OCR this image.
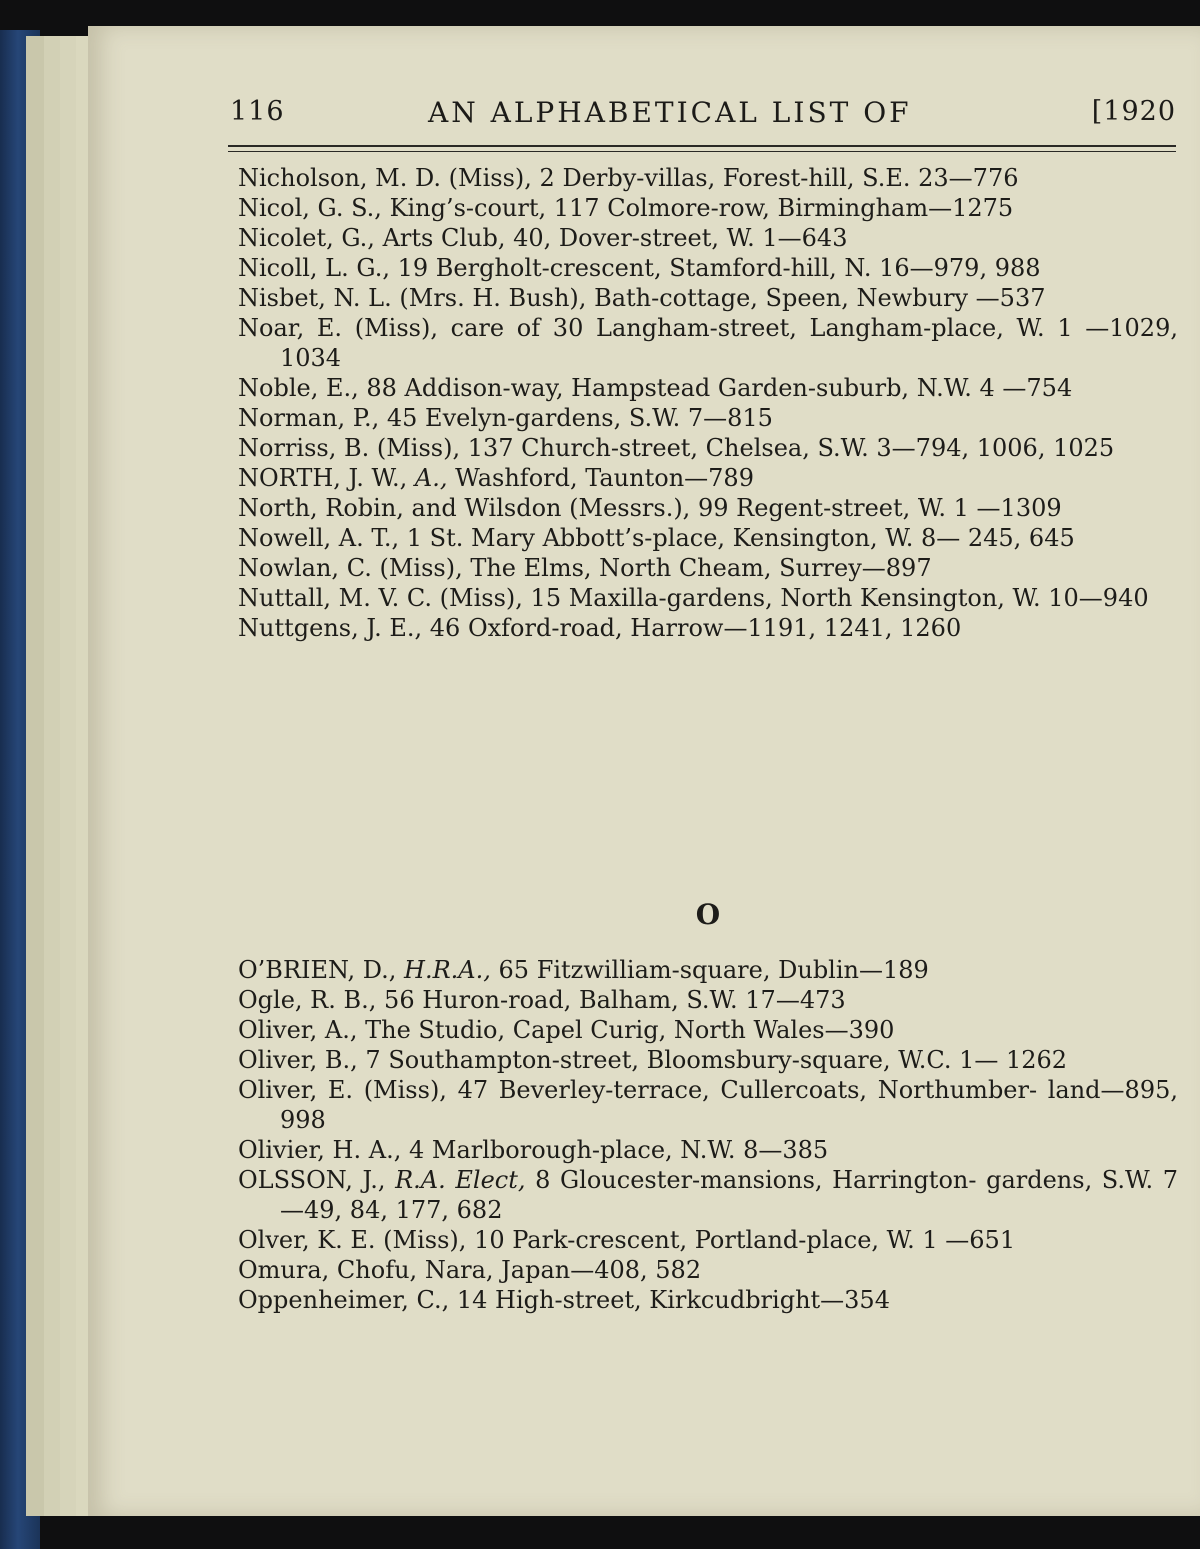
116	AN ALPHABETICAL LIST OF	[1920

Nicholson, M. D. (Miss), 2 Derby-villas, Forest-hill, S.E. 23—776

Nicol, G. S., King’s-court, 117 Colmore-row, Birmingham—1275

Nicolet, G., Arts Club, 40, Dover-street, W. 1—643

Nicoll, L. G., 19 Bergholt-crescent, Stamford-hill, N. 16—979, 988

Nisbet, N. L. (Mrs. H. Bush), Bath-cottage, Speen, Newbury —537

Noar, E. (Miss), care of 30 Langham-street, Langham-place, W. 1 —1029, 1034

Noble, E., 88 Addison-way, Hampstead Garden-suburb, N.W. 4 —754

Norman, P., 45 Evelyn-gardens, S.W. 7—815

Norriss, B. (Miss), 137 Church-street, Chelsea, S.W. 3—794, 1006, 1025

NORTH, J. W., A., Washford, Taunton—789

North, Robin, and Wilsdon (Messrs.), 99 Regent-street, W. 1 —1309

Nowell, A. T., 1 St. Mary Abbott’s-place, Kensington, W. 8— 245, 645

Nowlan, C. (Miss), The Elms, North Cheam, Surrey—897

Nuttall, M. V. C. (Miss), 15 Maxilla-gardens, North Kensington, W. 10—940

Nuttgens, J. E., 46 Oxford-road, Harrow—1191, 1241, 1260

O

O’BRIEN, D., H.R.A., 65 Fitzwilliam-square, Dublin—189

Ogle, R. B., 56 Huron-road, Balham, S.W. 17—473

Oliver, A., The Studio, Capel Curig, North Wales—390

Oliver, B., 7 Southampton-street, Bloomsbury-square, W.C. 1— 1262

Oliver, E. (Miss), 47 Beverley-terrace, Cullercoats, Northumber- land—895, 998

Olivier, H. A., 4 Marlborough-place, N.W. 8—385

OLSSON, J., R.A. Elect, 8 Gloucester-mansions, Harrington- gardens, S.W. 7—49, 84, 177, 682

Olver, K. E. (Miss), 10 Park-crescent, Portland-place, W. 1 —651

Omura, Chofu, Nara, Japan—408, 582

Oppenheimer, C., 14 High-street, Kirkcudbright—354
